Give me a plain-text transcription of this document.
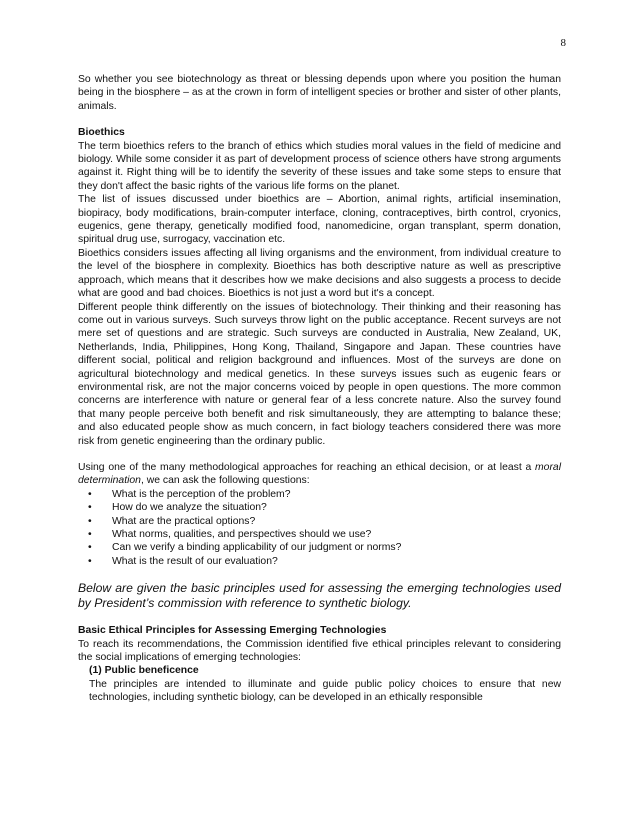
8

So whether you see biotechnology as threat or blessing depends upon where you position the human being in the biosphere – as at the crown in form of intelligent species or brother and sister of other plants, animals.

Bioethics

The term bioethics refers to the branch of ethics which studies moral values in the field of medicine and biology. While some consider it as part of development process of science others have strong arguments against it. Right thing will be to identify the severity of these issues and take some steps to ensure that they don't affect the basic rights of the various life forms on the planet.

The list of issues discussed under bioethics are – Abortion, animal rights, artificial insemination, biopiracy, body modifications, brain-computer interface, cloning, contraceptives, birth control, cryonics, eugenics, gene therapy, genetically modified food, nanomedicine, organ transplant, sperm donation, spiritual drug use, surrogacy, vaccination etc.

Bioethics considers issues affecting all living organisms and the environment, from individual creature to the level of the biosphere in complexity. Bioethics has both descriptive nature as well as prescriptive approach, which means that it describes how we make decisions and also suggests a process to decide what are good and bad choices. Bioethics is not just a word but it's a concept.

Different people think differently on the issues of biotechnology. Their thinking and their reasoning has come out in various surveys. Such surveys throw light on the public acceptance. Recent surveys are not mere set of questions and are strategic. Such surveys are conducted in Australia, New Zealand, UK, Netherlands, India, Philippines, Hong Kong, Thailand, Singapore and Japan. These countries have different social, political and religion background and influences. Most of the surveys are done on agricultural biotechnology and medical genetics. In these surveys issues such as eugenic fears or environmental risk, are not the major concerns voiced by people in open questions. The more common concerns are interference with nature or general fear of a less concrete nature. Also the survey found that many people perceive both benefit and risk simultaneously, they are attempting to balance these; and also educated people show as much concern, in fact biology teachers considered there was more risk from genetic engineering than the ordinary public.

Using one of the many methodological approaches for reaching an ethical decision, or at least a moral determination, we can ask the following questions:

• What is the perception of the problem?
• How do we analyze the situation?
• What are the practical options?
• What norms, qualities, and perspectives should we use?
• Can we verify a binding applicability of our judgment or norms?
• What is the result of our evaluation?

Below are given the basic principles used for assessing the emerging technologies used by President’s commission with reference to synthetic biology.

Basic Ethical Principles for Assessing Emerging Technologies

To reach its recommendations, the Commission identified five ethical principles relevant to considering the social implications of emerging technologies:

(1) Public beneficence

The principles are intended to illuminate and guide public policy choices to ensure that new technologies, including synthetic biology, can be developed in an ethically responsible
